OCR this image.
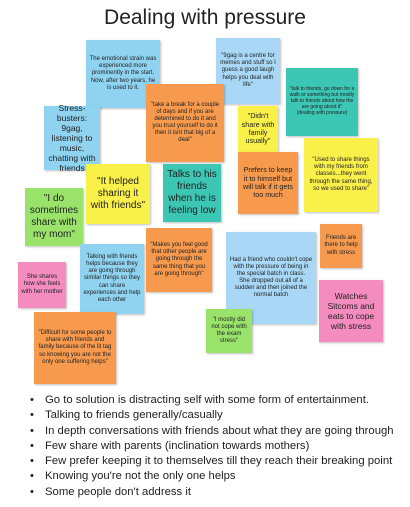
Dealing with pressure
The emotional strain was experienced more prominently in the start. Now, after two years, he is used to it.
"9gag is a centre for memes and stuff so I guess a good laugh helps you deal with life"
"talk to friends, go down for a walk or something but mostly talk to friends about how the are going about it"
(dealing with pressure)
"take a break for a couple of days and if you are determined to do it and you trust yourself to do it then it isnt that big of a deal"
"Didn't share with family usually"
Stress-busters: 9gag, listening to music, chatting with friends
"Used to share things with my friends from classes...they went through the same thing, so we used to share"
Prefers to keep it to himself but will talk if it gets too much
Talks to his friends when he is feeling low
"It helped sharing it with friends"
"I do sometimes share with my mom"	Friends are there to help with stress
"Makes you feel good that other people are going through the same thing that you are going through"
Had a friend who couldn't cope with the pressure of being in the special batch in class.
She dropped out all of a sudden and then joined the normal batch
Talking with friends helps because they are going through similar things so they can share experiences and help each other
She shares how she feels with her mother	Watches Sitcoms and eats to cope with stress
"Difficult for some people to share with friends and family because of the lit tag so knowing you are not the only one suffering helps"
"I mostly did not cope with the exam stress"
• Go to solution is distracting self with some form of entertainment.
• Talking to friends generally/casually
• In depth conversations with friends about what they are going through
• Few share with parents (inclination towards mothers)
• Few prefer keeping it to themselves till they reach their breaking point
• Knowing you're not the only one helps
• Some people don't address it
